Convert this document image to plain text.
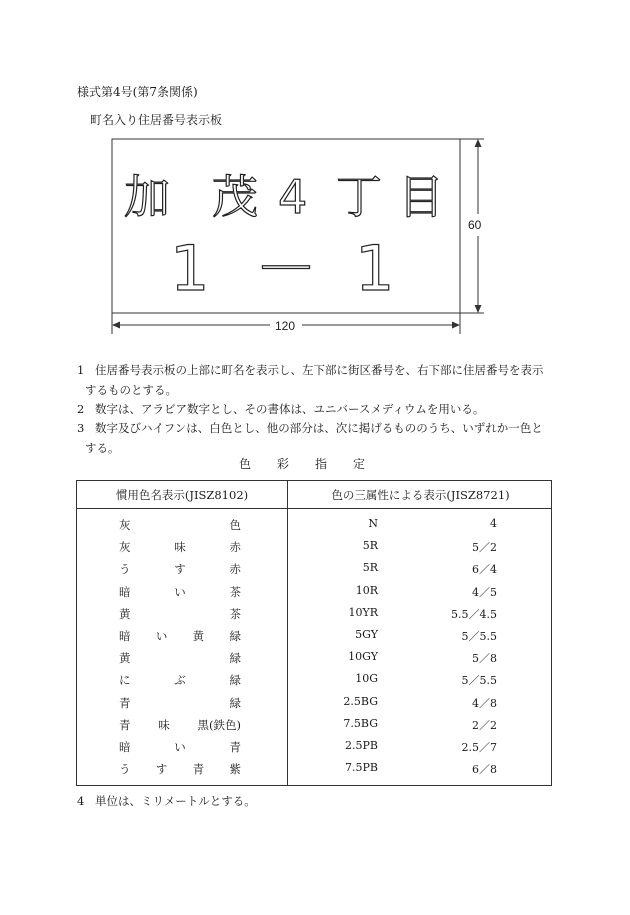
様式第4号(第7条関係)
町名入り住居番号表示板
加 茂 4 丁 目
1 － 1
60
120
1 住居番号表示板の上部に町名を表示し、左下部に街区番号を、右下部に住居番号を表示
するものとする。
2 数字は、アラビア数字とし、その書体は、ユニバースメディウムを用いる。
3 数字及びハイフンは、白色とし、他の部分は、次に掲げるもののうち、いずれか一色と
する。
色彩指定
慣用色名表示(JISZ8102)	色の三属性による表示(JISZ8721)
灰	色	N	4
灰	味	赤	5R	5／2
う	す	赤	5R	6／4
暗	い	茶	10R	4／5
黄	茶	10YR	5.5／4.5
暗 い 黄 緑	5GY	5／5.5
黄	緑	10GY	5／8
に	ぶ	緑	10G	5／5.5
青	緑	2.5BG	4／8
青 味 黒(鉄色)	7.5BG	2／2
暗	い	青	2.5PB	2.5／7
う す 青 紫	7.5PB	6／8
4 単位は、ミリメートルとする。
